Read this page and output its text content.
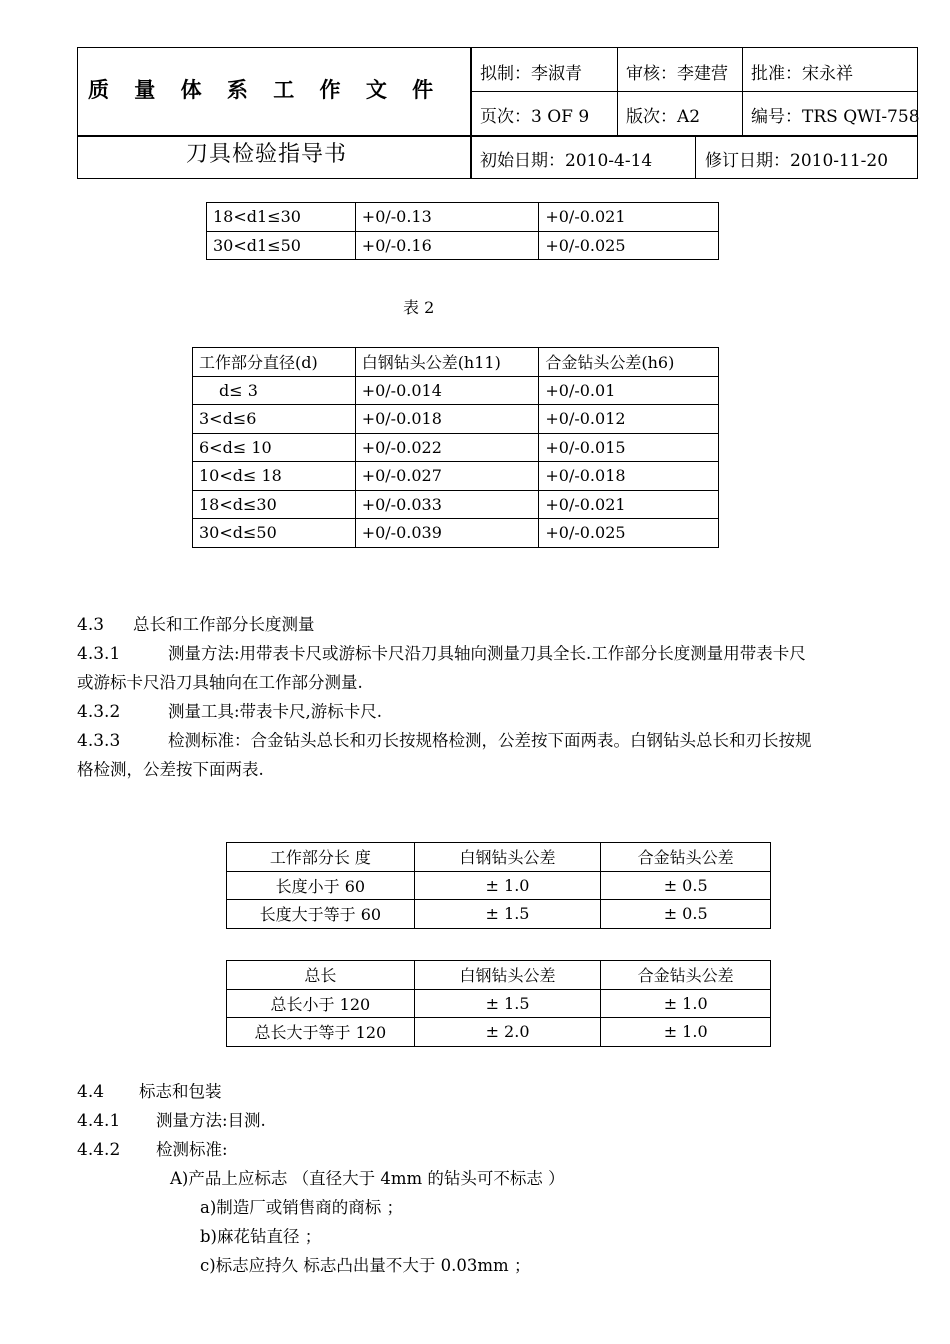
质 量 体 系 工 作 文 件
刀具检验指导书
拟制：李淑青	审核：李建营 批准：宋永祥
页次：3 OF 9 版次：A2	编号：TRS QWI-758
初始日期：2010-4-14	修订日期：2010-11-20
18<d1≤30	+0/-0.13	+0/-0.021
30<d1≤50	+0/-0.16	+0/-0.025
表 2
工作部分直径(d)	白钢钻头公差(h11)	合金钻头公差(h6)
d≤ 3	+0/-0.014	+0/-0.01
3<d≤6	+0/-0.018	+0/-0.012
6<d≤ 10	+0/-0.022	+0/-0.015
10<d≤ 18	+0/-0.027	+0/-0.018
18<d≤30	+0/-0.033	+0/-0.021
30<d≤50	+0/-0.039	+0/-0.025
4.3 总长和工作部分长度测量
4.3.1	测量方法:用带表卡尺或游标卡尺沿刀具轴向测量刀具全长.工作部分长度测量用带表卡尺
或游标卡尺沿刀具轴向在工作部分测量.
4.3.2	测量工具:带表卡尺,游标卡尺.
4.3.3	检测标准：合金钻头总长和刃长按规格检测，公差按下面两表。白钢钻头总长和刃长按规
格检测，公差按下面两表.
工作部分长 度	白钢钻头公差	合金钻头公差
长度小于 60	± 1.0	± 0.5
长度大于等于 60	± 1.5	± 0.5
总长	白钢钻头公差	合金钻头公差
总长小于 120	± 1.5	± 1.0
总长大于等于 120	± 2.0	± 1.0
4.4 标志和包装
4.4.1 测量方法:目测.
4.4.2 检测标准:
A)产品上应标志 （直径大于 4mm 的钻头可不标志 ）
a)制造厂或销售商的商标 ；
b)麻花钻直径 ；
c)标志应持久 标志凸出量不大于 0.03mm ；
